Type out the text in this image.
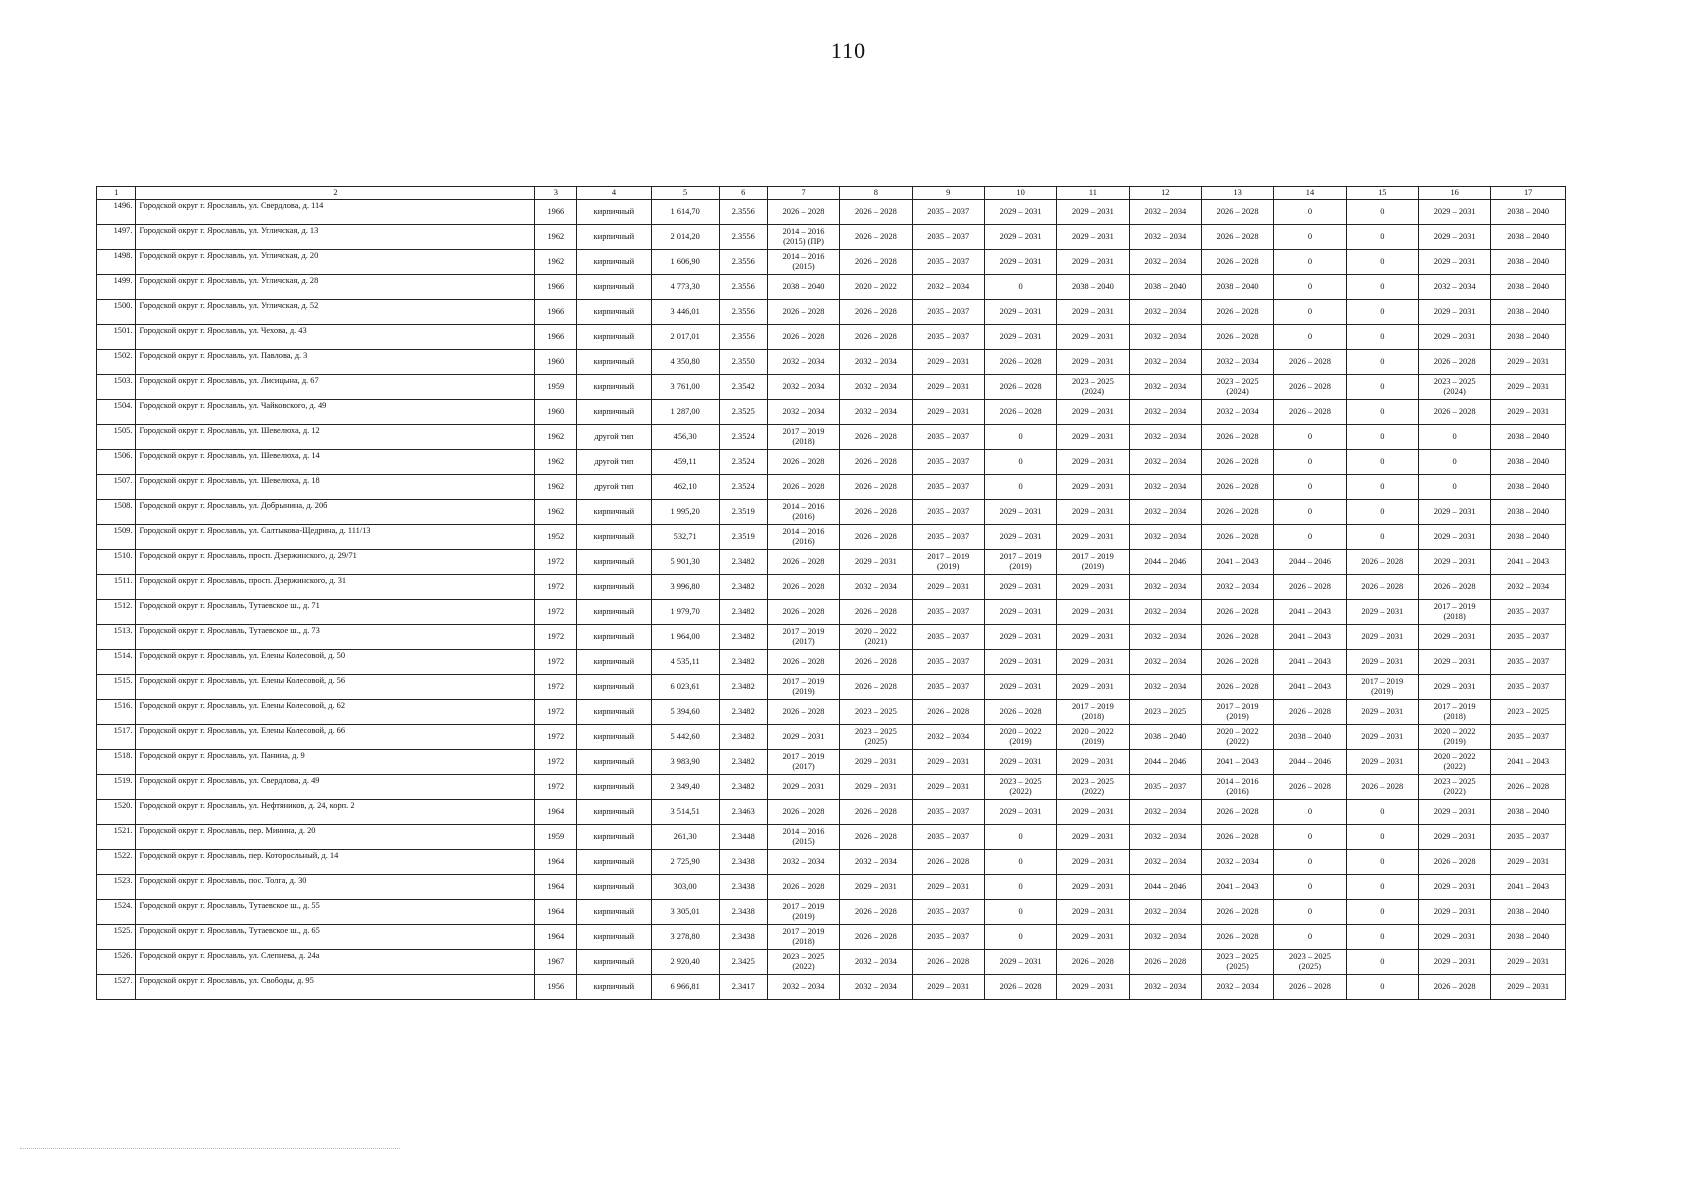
110
1	2	3	4	5	6	7	8	9	10	11	12	13	14	15	16	17
1496.	Городской округ г. Ярославль, ул. Свердлова, д. 114	1966	кирпичный	1 614,70	2.3556	2026 – 2028	2026 – 2028	2035 – 2037	2029 – 2031	2029 – 2031	2032 – 2034	2026 – 2028	0	0	2029 – 2031	2038 – 2040
1497.	Городской округ г. Ярославль, ул. Угличская, д. 13	1962	кирпичный	2 014,20	2.3556	2014 – 2016 (2015) (ПР)	2026 – 2028	2035 – 2037	2029 – 2031	2029 – 2031	2032 – 2034	2026 – 2028	0	0	2029 – 2031	2038 – 2040
1498.	Городской округ г. Ярославль, ул. Угличская, д. 20	1962	кирпичный	1 606,90	2.3556	2014 – 2016 (2015)	2026 – 2028	2035 – 2037	2029 – 2031	2029 – 2031	2032 – 2034	2026 – 2028	0	0	2029 – 2031	2038 – 2040
1499.	Городской округ г. Ярославль, ул. Угличская, д. 28	1966	кирпичный	4 773,30	2.3556	2038 – 2040	2020 – 2022	2032 – 2034	0	2038 – 2040	2038 – 2040	2038 – 2040	0	0	2032 – 2034	2038 – 2040
1500.	Городской округ г. Ярославль, ул. Угличская, д. 52	1966	кирпичный	3 446,01	2.3556	2026 – 2028	2026 – 2028	2035 – 2037	2029 – 2031	2029 – 2031	2032 – 2034	2026 – 2028	0	0	2029 – 2031	2038 – 2040
1501.	Городской округ г. Ярославль, ул. Чехова, д. 43	1966	кирпичный	2 017,01	2.3556	2026 – 2028	2026 – 2028	2035 – 2037	2029 – 2031	2029 – 2031	2032 – 2034	2026 – 2028	0	0	2029 – 2031	2038 – 2040
1502.	Городской округ г. Ярославль, ул. Павлова, д. 3	1960	кирпичный	4 350,80	2.3550	2032 – 2034	2032 – 2034	2029 – 2031	2026 – 2028	2029 – 2031	2032 – 2034	2032 – 2034	2026 – 2028	0	2026 – 2028	2029 – 2031
1503.	Городской округ г. Ярославль, ул. Лисицына, д. 67	1959	кирпичный	3 761,00	2.3542	2032 – 2034	2032 – 2034	2029 – 2031	2026 – 2028	2023 – 2025 (2024)	2032 – 2034	2023 – 2025 (2024)	2026 – 2028	0	2023 – 2025 (2024)	2029 – 2031
1504.	Городской округ г. Ярославль, ул. Чайковского, д. 49	1960	кирпичный	1 287,00	2.3525	2032 – 2034	2032 – 2034	2029 – 2031	2026 – 2028	2029 – 2031	2032 – 2034	2032 – 2034	2026 – 2028	0	2026 – 2028	2029 – 2031
1505.	Городской округ г. Ярославль, ул. Шевелюха, д. 12	1962	другой тип	456,30	2.3524	2017 – 2019 (2018)	2026 – 2028	2035 – 2037	0	2029 – 2031	2032 – 2034	2026 – 2028	0	0	0	2038 – 2040
1506.	Городской округ г. Ярославль, ул. Шевелюха, д. 14	1962	другой тип	459,11	2.3524	2026 – 2028	2026 – 2028	2035 – 2037	0	2029 – 2031	2032 – 2034	2026 – 2028	0	0	0	2038 – 2040
1507.	Городской округ г. Ярославль, ул. Шевелюха, д. 18	1962	другой тип	462,10	2.3524	2026 – 2028	2026 – 2028	2035 – 2037	0	2029 – 2031	2032 – 2034	2026 – 2028	0	0	0	2038 – 2040
1508.	Городской округ г. Ярославль, ул. Добрынина, д. 20б	1962	кирпичный	1 995,20	2.3519	2014 – 2016 (2016)	2026 – 2028	2035 – 2037	2029 – 2031	2029 – 2031	2032 – 2034	2026 – 2028	0	0	2029 – 2031	2038 – 2040
1509.	Городской округ г. Ярославль, ул. Салтыкова-Щедрина, д. 111/13	1952	кирпичный	532,71	2.3519	2014 – 2016 (2016)	2026 – 2028	2035 – 2037	2029 – 2031	2029 – 2031	2032 – 2034	2026 – 2028	0	0	2029 – 2031	2038 – 2040
1510.	Городской округ г. Ярославль, просп. Дзержинского, д. 29/71	1972	кирпичный	5 901,30	2.3482	2026 – 2028	2029 – 2031	2017 – 2019 (2019)	2017 – 2019 (2019)	2017 – 2019 (2019)	2044 – 2046	2041 – 2043	2044 – 2046	2026 – 2028	2029 – 2031	2041 – 2043
1511.	Городской округ г. Ярославль, просп. Дзержинского, д. 31	1972	кирпичный	3 996,80	2.3482	2026 – 2028	2032 – 2034	2029 – 2031	2029 – 2031	2029 – 2031	2032 – 2034	2032 – 2034	2026 – 2028	2026 – 2028	2026 – 2028	2032 – 2034
1512.	Городской округ г. Ярославль, Тутаевское ш., д. 71	1972	кирпичный	1 979,70	2.3482	2026 – 2028	2026 – 2028	2035 – 2037	2029 – 2031	2029 – 2031	2032 – 2034	2026 – 2028	2041 – 2043	2029 – 2031	2017 – 2019 (2018)	2035 – 2037
1513.	Городской округ г. Ярославль, Тутаевское ш., д. 73	1972	кирпичный	1 964,00	2.3482	2017 – 2019 (2017)	2020 – 2022 (2021)	2035 – 2037	2029 – 2031	2029 – 2031	2032 – 2034	2026 – 2028	2041 – 2043	2029 – 2031	2029 – 2031	2035 – 2037
1514.	Городской округ г. Ярославль, ул. Елены Колесовой, д. 50	1972	кирпичный	4 535,11	2.3482	2026 – 2028	2026 – 2028	2035 – 2037	2029 – 2031	2029 – 2031	2032 – 2034	2026 – 2028	2041 – 2043	2029 – 2031	2029 – 2031	2035 – 2037
1515.	Городской округ г. Ярославль, ул. Елены Колесовой, д. 56	1972	кирпичный	6 023,61	2.3482	2017 – 2019 (2019)	2026 – 2028	2035 – 2037	2029 – 2031	2029 – 2031	2032 – 2034	2026 – 2028	2041 – 2043	2017 – 2019 (2019)	2029 – 2031	2035 – 2037
1516.	Городской округ г. Ярославль, ул. Елены Колесовой, д. 62	1972	кирпичный	5 394,60	2.3482	2026 – 2028	2023 – 2025	2026 – 2028	2026 – 2028	2017 – 2019 (2018)	2023 – 2025	2017 – 2019 (2019)	2026 – 2028	2029 – 2031	2017 – 2019 (2018)	2023 – 2025
1517.	Городской округ г. Ярославль, ул. Елены Колесовой, д. 66	1972	кирпичный	5 442,60	2.3482	2029 – 2031	2023 – 2025 (2025)	2032 – 2034	2020 – 2022 (2019)	2020 – 2022 (2019)	2038 – 2040	2020 – 2022 (2022)	2038 – 2040	2029 – 2031	2020 – 2022 (2019)	2035 – 2037
1518.	Городской округ г. Ярославль, ул. Панина, д. 9	1972	кирпичный	3 983,90	2.3482	2017 – 2019 (2017)	2029 – 2031	2029 – 2031	2029 – 2031	2029 – 2031	2044 – 2046	2041 – 2043	2044 – 2046	2029 – 2031	2020 – 2022 (2022)	2041 – 2043
1519.	Городской округ г. Ярославль, ул. Свердлова, д. 49	1972	кирпичный	2 349,40	2.3482	2029 – 2031	2029 – 2031	2029 – 2031	2023 – 2025 (2022)	2023 – 2025 (2022)	2035 – 2037	2014 – 2016 (2016)	2026 – 2028	2026 – 2028	2023 – 2025 (2022)	2026 – 2028
1520.	Городской округ г. Ярославль, ул. Нефтяников, д. 24, корп. 2	1964	кирпичный	3 514,51	2.3463	2026 – 2028	2026 – 2028	2035 – 2037	2029 – 2031	2029 – 2031	2032 – 2034	2026 – 2028	0	0	2029 – 2031	2038 – 2040
1521.	Городской округ г. Ярославль, пер. Минина, д. 20	1959	кирпичный	261,30	2.3448	2014 – 2016 (2015)	2026 – 2028	2035 – 2037	0	2029 – 2031	2032 – 2034	2026 – 2028	0	0	2029 – 2031	2035 – 2037
1522.	Городской округ г. Ярославль, пер. Которосльный, д. 14	1964	кирпичный	2 725,90	2.3438	2032 – 2034	2032 – 2034	2026 – 2028	0	2029 – 2031	2032 – 2034	2032 – 2034	0	0	2026 – 2028	2029 – 2031
1523.	Городской округ г. Ярославль, пос. Толга, д. 30	1964	кирпичный	303,00	2.3438	2026 – 2028	2029 – 2031	2029 – 2031	0	2029 – 2031	2044 – 2046	2041 – 2043	0	0	2029 – 2031	2041 – 2043
1524.	Городской округ г. Ярославль, Тутаевское ш., д. 55	1964	кирпичный	3 305,01	2.3438	2017 – 2019 (2019)	2026 – 2028	2035 – 2037	0	2029 – 2031	2032 – 2034	2026 – 2028	0	0	2029 – 2031	2038 – 2040
1525.	Городской округ г. Ярославль, Тутаевское ш., д. 65	1964	кирпичный	3 278,80	2.3438	2017 – 2019 (2018)	2026 – 2028	2035 – 2037	0	2029 – 2031	2032 – 2034	2026 – 2028	0	0	2029 – 2031	2038 – 2040
1526.	Городской округ г. Ярославль, ул. Слепнева, д. 24а	1967	кирпичный	2 920,40	2.3425	2023 – 2025 (2022)	2032 – 2034	2026 – 2028	2029 – 2031	2026 – 2028	2026 – 2028	2023 – 2025 (2025)	2023 – 2025 (2025)	0	2029 – 2031	2029 – 2031
1527.	Городской округ г. Ярославль, ул. Свободы, д. 95	1956	кирпичный	6 966,81	2.3417	2032 – 2034	2032 – 2034	2029 – 2031	2026 – 2028	2029 – 2031	2032 – 2034	2032 – 2034	2026 – 2028	0	2026 – 2028	2029 – 2031
